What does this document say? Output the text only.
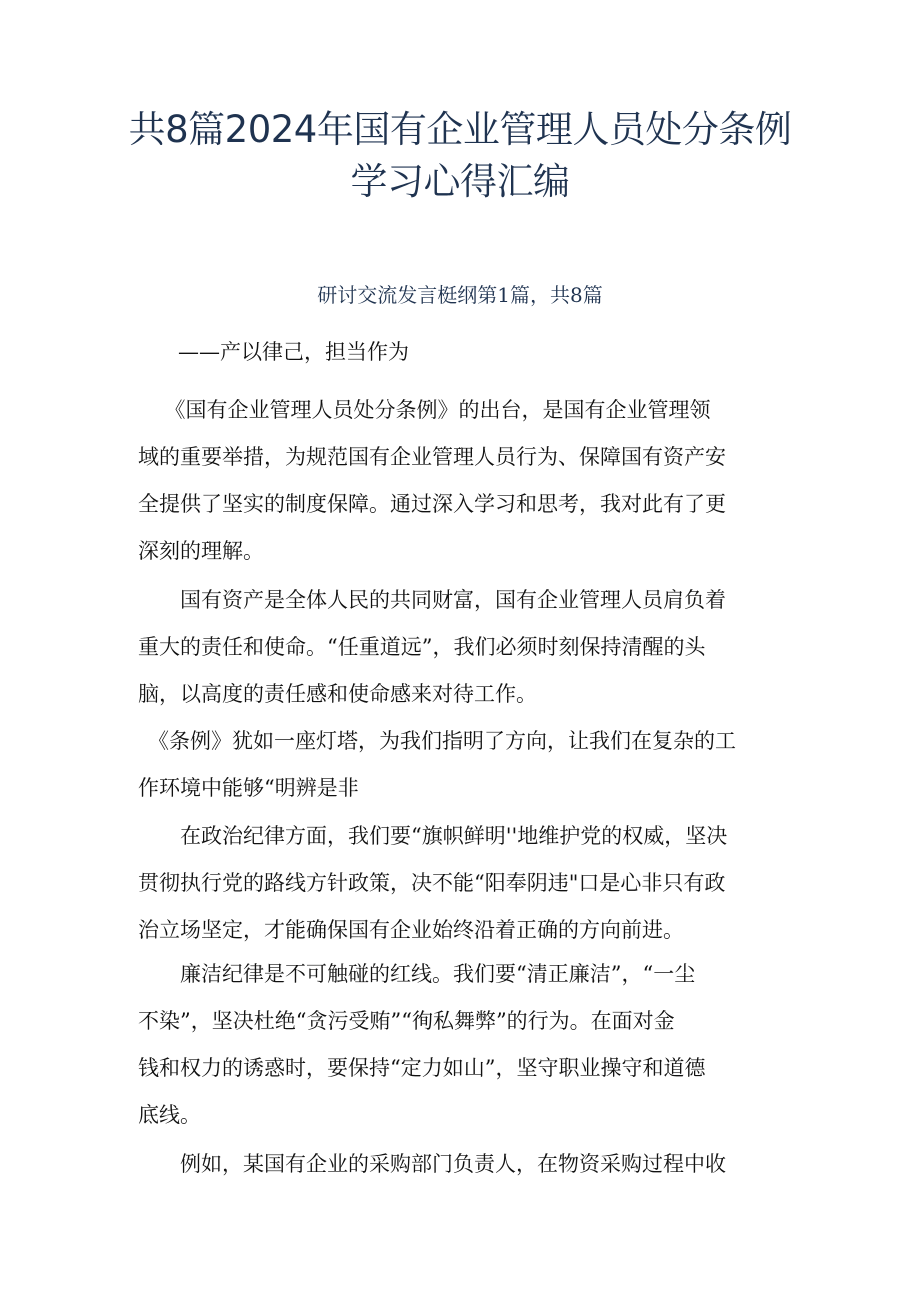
共8篇2024年国有企业管理人员处分条例
学习心得汇编
研讨交流发言梃纲第1篇，共8篇
——产以律己，担当作为
　《国有企业管理人员处分条例》的出台，是国有企业管理领
域的重要举措，为规范国有企业管理人员行为、保障国有资产安
全提供了坚实的制度保障。通过深入学习和思考，我对此有了更
深刻的理解。
　　国有资产是全体人民的共同财富，国有企业管理人员肩负着
重大的责任和使命。“任重道远”，我们必须时刻保持清醒的头
脑，以高度的责任感和使命感来对待工作。
《条例》犹如一座灯塔，为我们指明了方向，让我们在复杂的工
作环境中能够“明辨是非
　　在政治纪律方面，我们要“旗帜鲜明''地维护党的权威，坚决
贯彻执行党的路线方针政策，决不能“阳奉阴违"口是心非只有政
治立场坚定，才能确保国有企业始终沿着正确的方向前进。
　　廉洁纪律是不可触碰的红线。我们要“清正廉洁”，“一尘
不染”，坚决杜绝“贪污受贿”“徇私舞弊”的行为。在面对金
钱和权力的诱惑时，要保持“定力如山”，坚守职业操守和道德
底线。
　　例如，某国有企业的采购部门负责人，在物资采购过程中收
